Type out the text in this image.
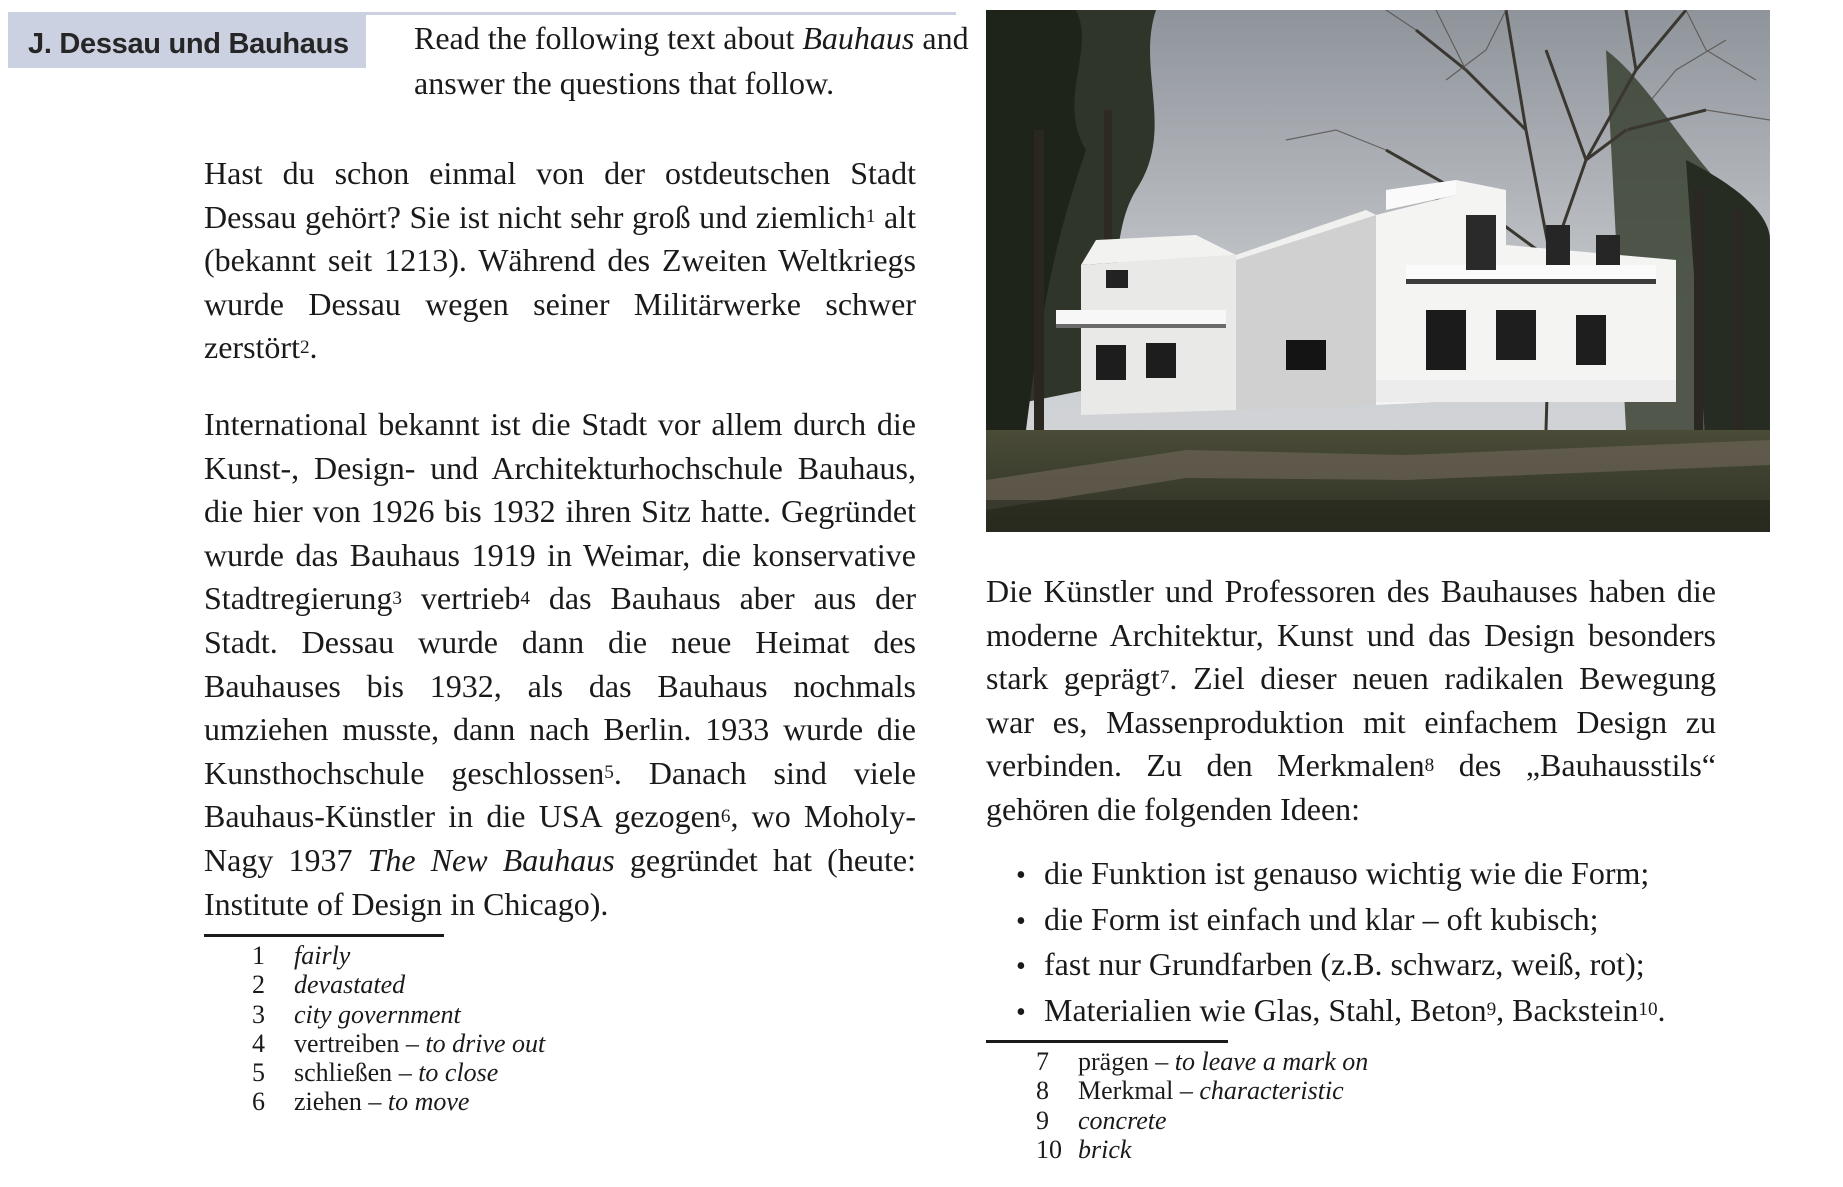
J. Dessau und Bauhaus	Read the following text about Bauhaus and answer the questions that follow.

Hast du schon einmal von der ostdeutschen Stadt Dessau gehört? Sie ist nicht sehr groß und ziemlich$^1$ alt (bekannt seit 1213). Während des Zweiten Weltkriegs wurde Dessau wegen seiner Militärwerke schwer zerstört$^2$.

International bekannt ist die Stadt vor allem durch die Kunst-, Design- und Architekturhochschule Bauhaus, die hier von 1926 bis 1932 ihren Sitz hatte. Gegründet wurde das Bauhaus 1919 in Weimar, die konservative Stadtregierung$^3$ vertrieb$^4$ das Bauhaus aber aus der Stadt. Dessau wurde dann die neue Heimat des Bauhauses bis 1932, als das Bauhaus nochmals umziehen musste, dann nach Berlin. 1933 wurde die Kunsthochschule geschlossen$^5$. Danach sind viele Bauhaus-Künstler in die USA gezogen$^6$, wo Moholy-Nagy 1937 The New Bauhaus gegründet hat (heute: Institute of Design in Chicago).

1 fairly
2 devastated
3 city government
4 vertreiben – to drive out
5 schließen – to close
6 ziehen – to move

Die Künstler und Professoren des Bauhauses haben die moderne Architektur, Kunst und das Design besonders stark geprägt$^7$. Ziel dieser neuen radikalen Bewegung war es, Massenproduktion mit einfachem Design zu verbinden. Zu den Merkmalen$^8$ des „Bauhausstils“ gehören die folgenden Ideen:

• die Funktion ist genauso wichtig wie die Form;
• die Form ist einfach und klar – oft kubisch;
• fast nur Grundfarben (z.B. schwarz, weiß, rot);
• Materialien wie Glas, Stahl, Beton$^9$, Backstein$^{10}$.
7 prägen – to leave a mark on
8 Merkmal – characteristic
9 concrete
10 brick
